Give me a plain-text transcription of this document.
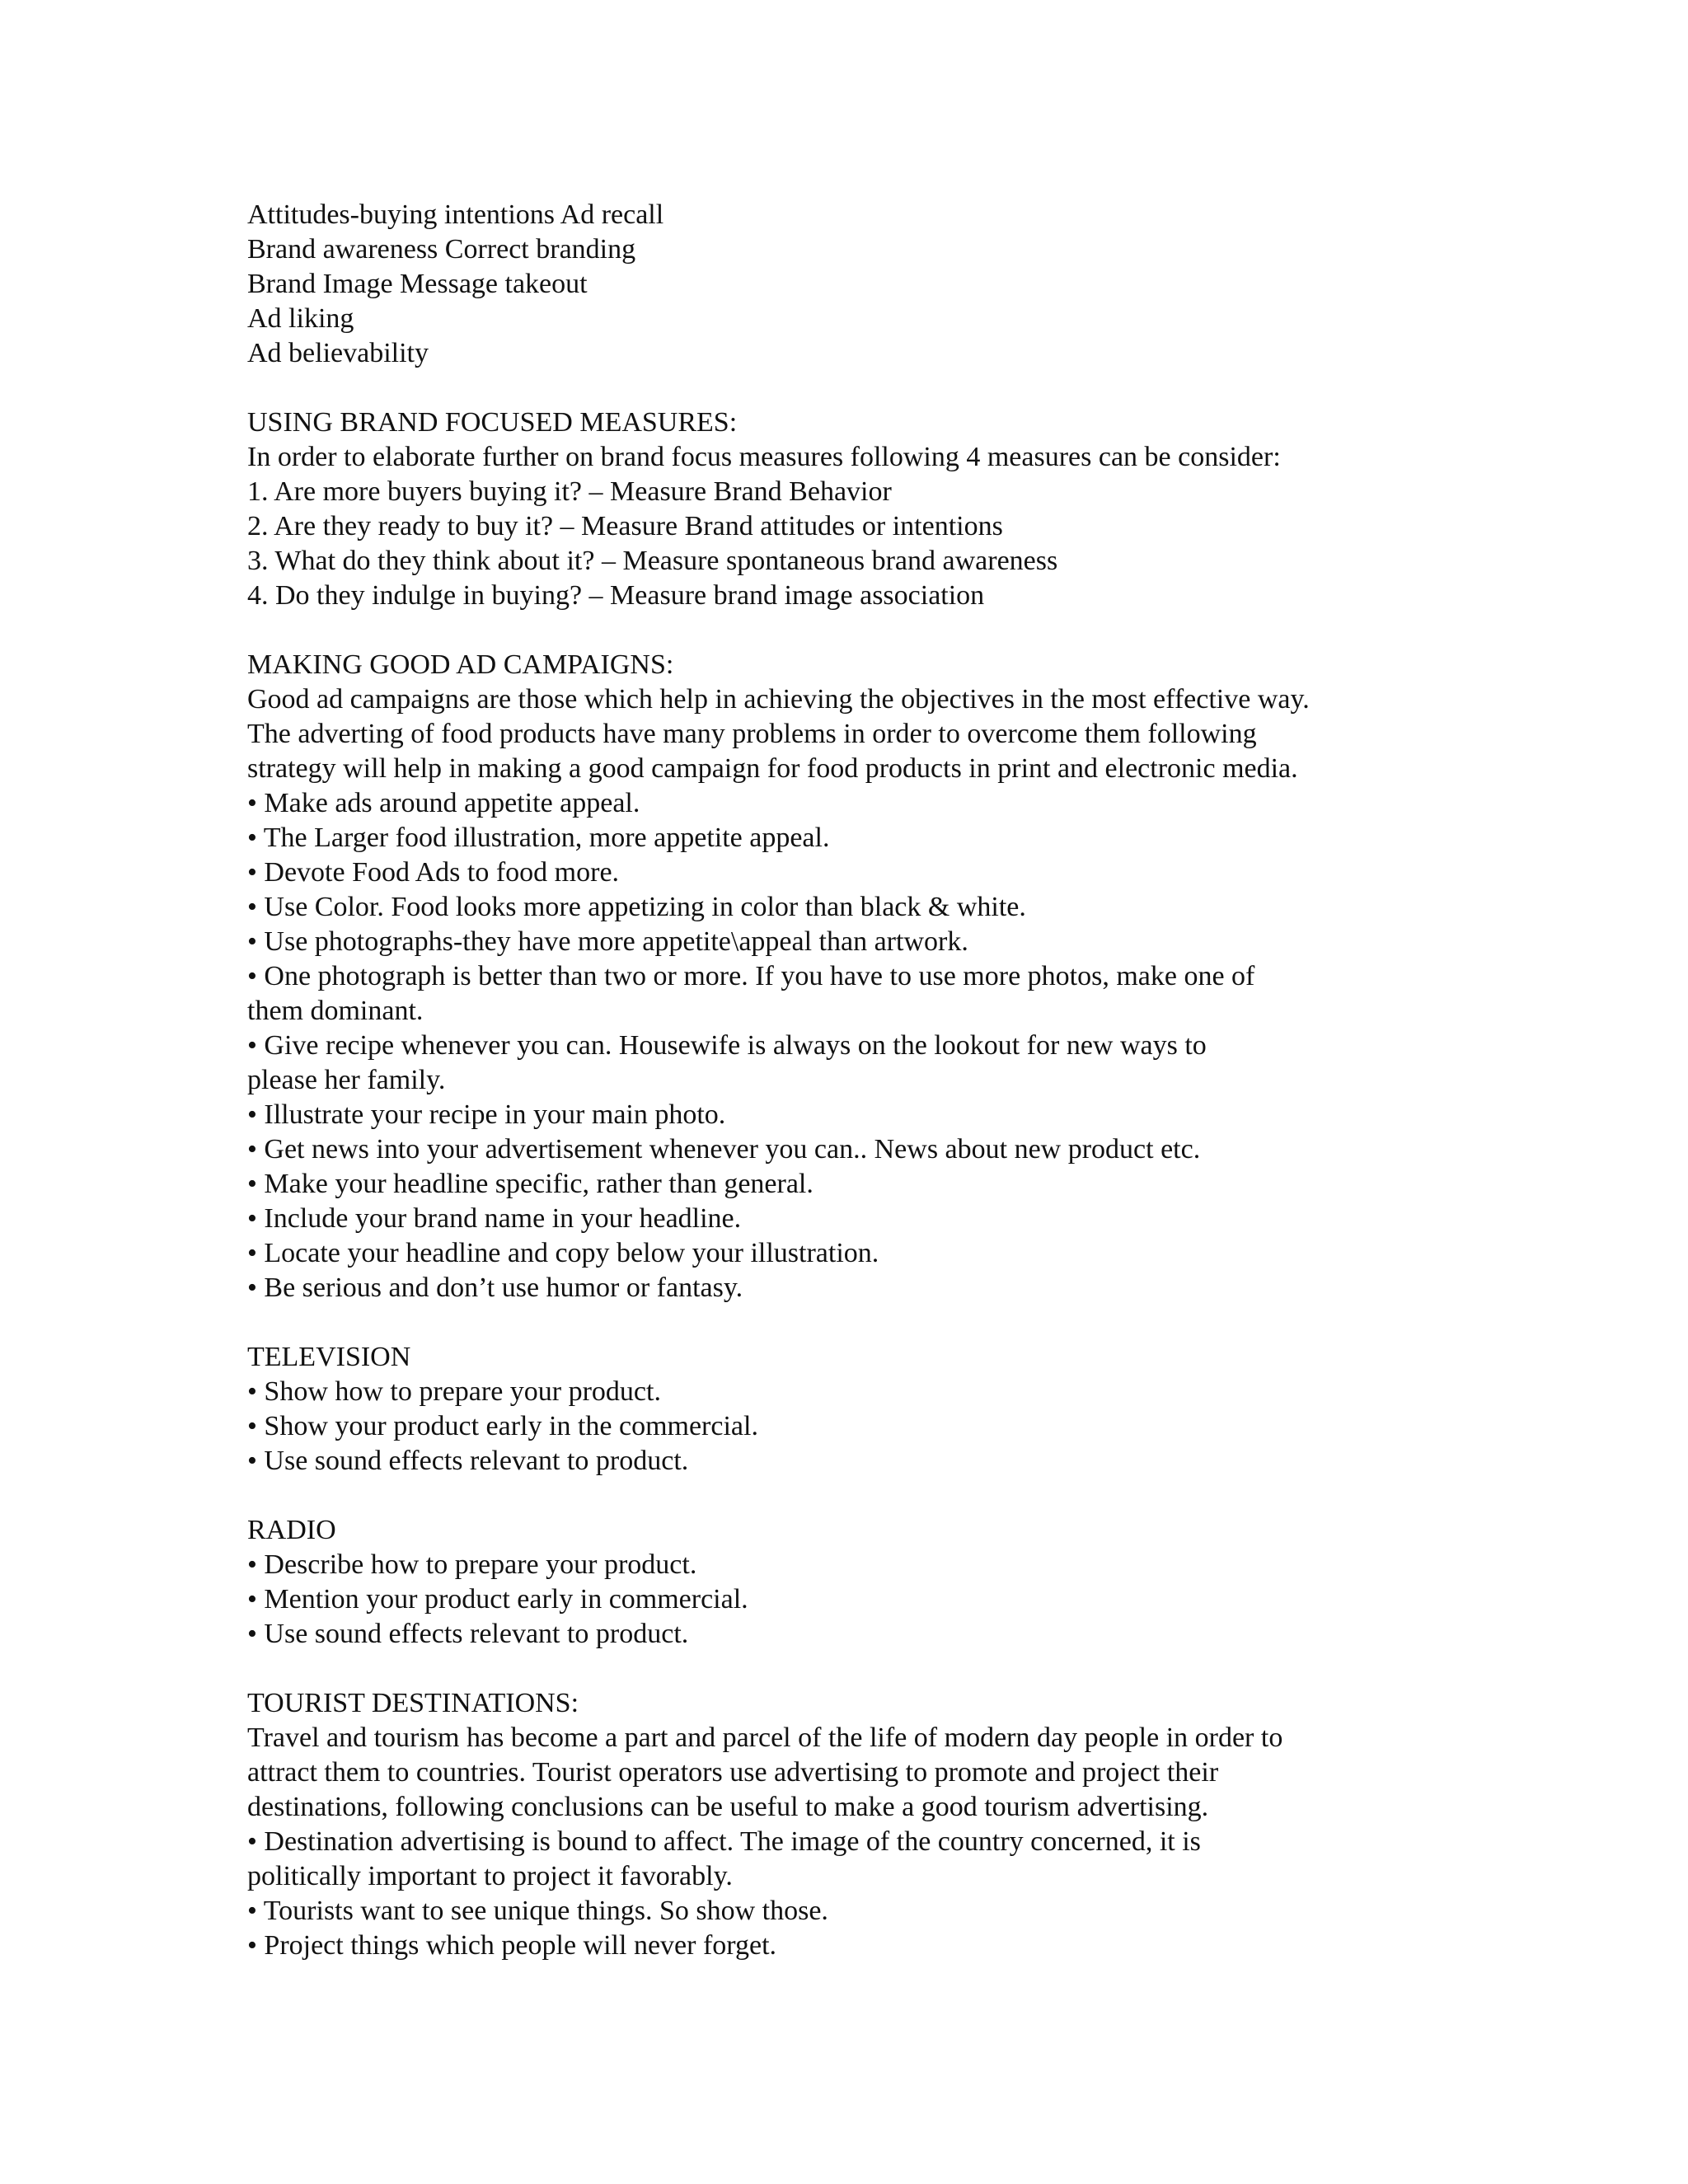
Attitudes-buying intentions Ad recall

Brand awareness Correct branding

Brand Image Message takeout

Ad liking

Ad believability

USING BRAND FOCUSED MEASURES:

In order to elaborate further on brand focus measures following 4 measures can be consider:

1. Are more buyers buying it? – Measure Brand Behavior

2. Are they ready to buy it? – Measure Brand attitudes or intentions

3. What do they think about it? – Measure spontaneous brand awareness

4. Do they indulge in buying? – Measure brand image association

MAKING GOOD AD CAMPAIGNS:

Good ad campaigns are those which help in achieving the objectives in the most effective way.

The adverting of food products have many problems in order to overcome them following

strategy will help in making a good campaign for food products in print and electronic media.

• Make ads around appetite appeal.

• The Larger food illustration, more appetite appeal.

• Devote Food Ads to food more.

• Use Color. Food looks more appetizing in color than black & white.

• Use photographs-they have more appetite\appeal than artwork.

• One photograph is better than two or more. If you have to use more photos, make one of

them dominant.

• Give recipe whenever you can. Housewife is always on the lookout for new ways to

please her family.

• Illustrate your recipe in your main photo.

• Get news into your advertisement whenever you can.. News about new product etc.

• Make your headline specific, rather than general.

• Include your brand name in your headline.

• Locate your headline and copy below your illustration.

• Be serious and don’t use humor or fantasy.

TELEVISION

• Show how to prepare your product.

• Show your product early in the commercial.

• Use sound effects relevant to product.

RADIO

• Describe how to prepare your product.

• Mention your product early in commercial.

• Use sound effects relevant to product.

TOURIST DESTINATIONS:

Travel and tourism has become a part and parcel of the life of modern day people in order to

attract them to countries. Tourist operators use advertising to promote and project their

destinations, following conclusions can be useful to make a good tourism advertising.

• Destination advertising is bound to affect. The image of the country concerned, it is

politically important to project it favorably.

• Tourists want to see unique things. So show those.

• Project things which people will never forget.
